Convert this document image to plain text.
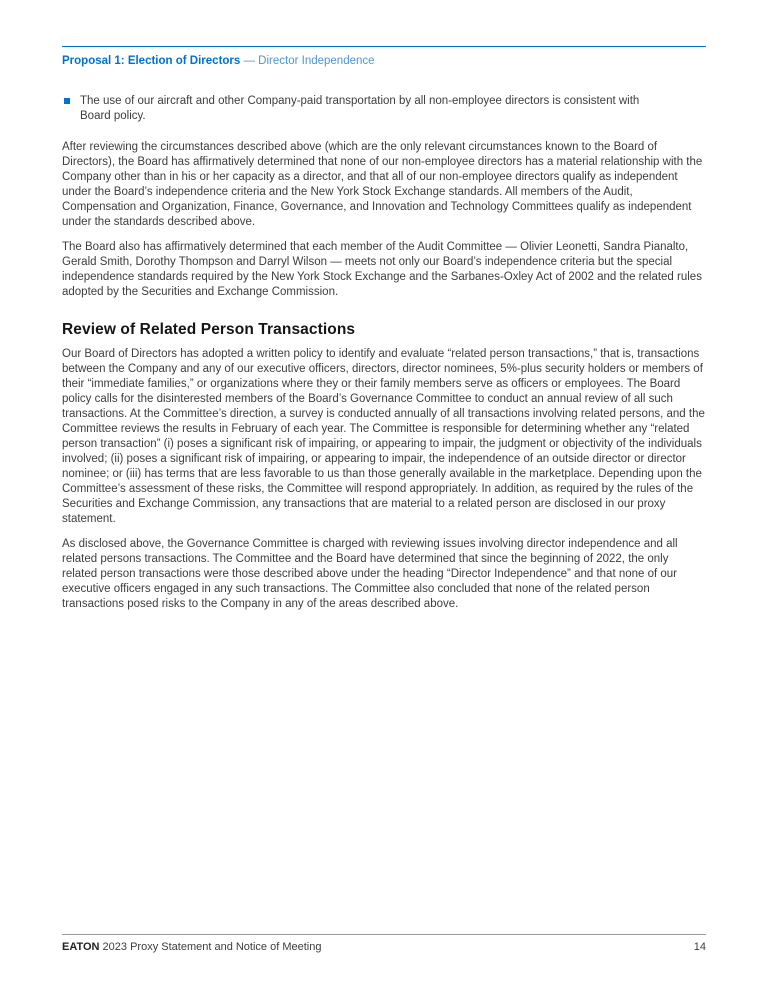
Proposal 1: Election of Directors — Director Independence
The use of our aircraft and other Company-paid transportation by all non-employee directors is consistent with Board policy.

After reviewing the circumstances described above (which are the only relevant circumstances known to the Board of Directors), the Board has affirmatively determined that none of our non-employee directors has a material relationship with the Company other than in his or her capacity as a director, and that all of our non-employee directors qualify as independent under the Board’s independence criteria and the New York Stock Exchange standards. All members of the Audit, Compensation and Organization, Finance, Governance, and Innovation and Technology Committees qualify as independent under the standards described above.

The Board also has affirmatively determined that each member of the Audit Committee — Olivier Leonetti, Sandra Pianalto, Gerald Smith, Dorothy Thompson and Darryl Wilson — meets not only our Board’s independence criteria but the special independence standards required by the New York Stock Exchange and the Sarbanes-Oxley Act of 2002 and the related rules adopted by the Securities and Exchange Commission.

Review of Related Person Transactions

Our Board of Directors has adopted a written policy to identify and evaluate “related person transactions,” that is, transactions between the Company and any of our executive officers, directors, director nominees, 5%-plus security holders or members of their “immediate families,” or organizations where they or their family members serve as officers or employees. The Board policy calls for the disinterested members of the Board’s Governance Committee to conduct an annual review of all such transactions. At the Committee’s direction, a survey is conducted annually of all transactions involving related persons, and the Committee reviews the results in February of each year. The Committee is responsible for determining whether any “related person transaction” (i) poses a significant risk of impairing, or appearing to impair, the judgment or objectivity of the individuals involved; (ii) poses a significant risk of impairing, or appearing to impair, the independence of an outside director or director nominee; or (iii) has terms that are less favorable to us than those generally available in the marketplace. Depending upon the Committee’s assessment of these risks, the Committee will respond appropriately. In addition, as required by the rules of the Securities and Exchange Commission, any transactions that are material to a related person are disclosed in our proxy statement.

As disclosed above, the Governance Committee is charged with reviewing issues involving director independence and all related persons transactions. The Committee and the Board have determined that since the beginning of 2022, the only related person transactions were those described above under the heading “Director Independence” and that none of our executive officers engaged in any such transactions. The Committee also concluded that none of the related person transactions posed risks to the Company in any of the areas described above.

EATON 2023 Proxy Statement and Notice of Meeting	14
